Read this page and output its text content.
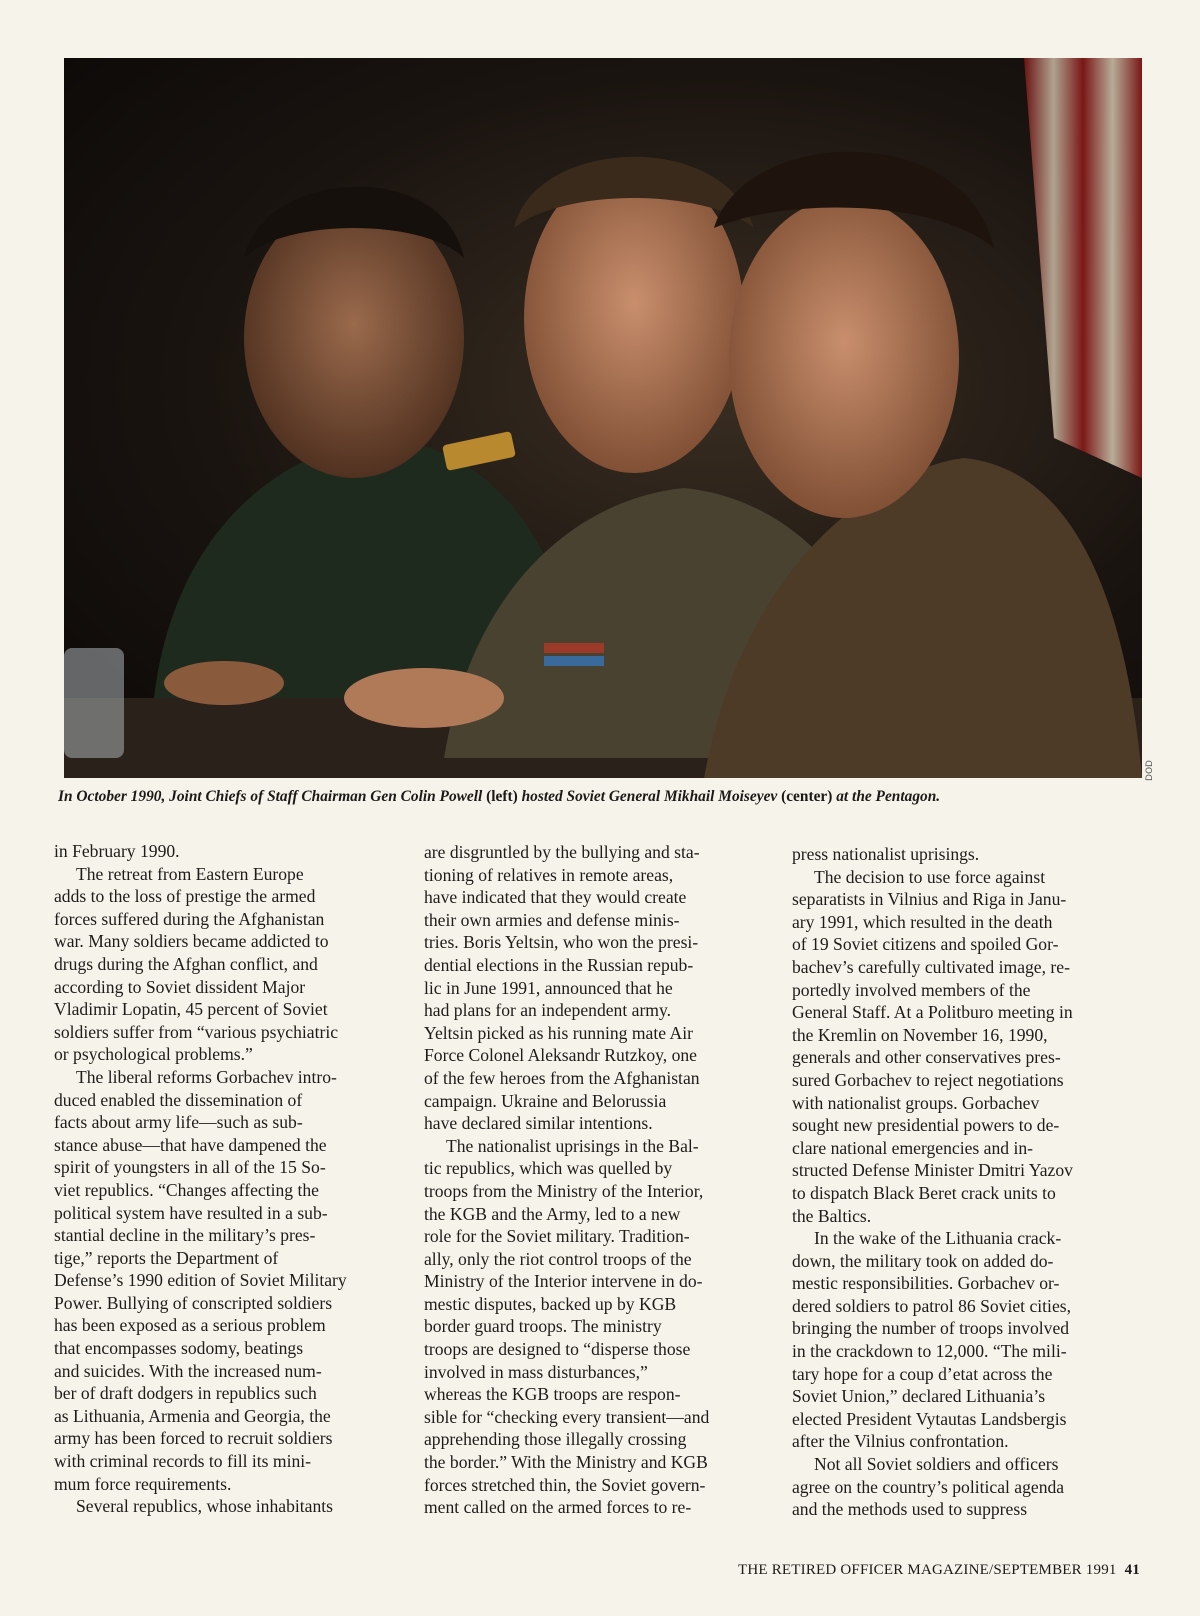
DOD
In October 1990, Joint Chiefs of Staff Chairman Gen Colin Powell (left) hosted Soviet General Mikhail Moiseyev (center) at the Pentagon.
in February 1990.
The retreat from Eastern Europe
adds to the loss of prestige the armed
forces suffered during the Afghanistan
war. Many soldiers became addicted to
drugs during the Afghan conflict, and
according to Soviet dissident Major
Vladimir Lopatin, 45 percent of Soviet
soldiers suffer from “various psychiatric
or psychological problems.”
The liberal reforms Gorbachev intro-
duced enabled the dissemination of
facts about army life—such as sub-
stance abuse—that have dampened the
spirit of youngsters in all of the 15 So-
viet republics. “Changes affecting the
political system have resulted in a sub-
stantial decline in the military’s pres-
tige,” reports the Department of
Defense’s 1990 edition of Soviet Military
Power. Bullying of conscripted soldiers
has been exposed as a serious problem
that encompasses sodomy, beatings
and suicides. With the increased num-
ber of draft dodgers in republics such
as Lithuania, Armenia and Georgia, the
army has been forced to recruit soldiers
with criminal records to fill its mini-
mum force requirements.
Several republics, whose inhabitants
are disgruntled by the bullying and sta-
tioning of relatives in remote areas,
have indicated that they would create
their own armies and defense minis-
tries. Boris Yeltsin, who won the presi-
dential elections in the Russian repub-
lic in June 1991, announced that he
had plans for an independent army.
Yeltsin picked as his running mate Air
Force Colonel Aleksandr Rutzkoy, one
of the few heroes from the Afghanistan
campaign. Ukraine and Belorussia
have declared similar intentions.
The nationalist uprisings in the Bal-
tic republics, which was quelled by
troops from the Ministry of the Interior,
the KGB and the Army, led to a new
role for the Soviet military. Tradition-
ally, only the riot control troops of the
Ministry of the Interior intervene in do-
mestic disputes, backed up by KGB
border guard troops. The ministry
troops are designed to “disperse those
involved in mass disturbances,”
whereas the KGB troops are respon-
sible for “checking every transient—and
apprehending those illegally crossing
the border.” With the Ministry and KGB
forces stretched thin, the Soviet govern-
ment called on the armed forces to re-
press nationalist uprisings.
The decision to use force against
separatists in Vilnius and Riga in Janu-
ary 1991, which resulted in the death
of 19 Soviet citizens and spoiled Gor-
bachev’s carefully cultivated image, re-
portedly involved members of the
General Staff. At a Politburo meeting in
the Kremlin on November 16, 1990,
generals and other conservatives pres-
sured Gorbachev to reject negotiations
with nationalist groups. Gorbachev
sought new presidential powers to de-
clare national emergencies and in-
structed Defense Minister Dmitri Yazov
to dispatch Black Beret crack units to
the Baltics.
In the wake of the Lithuania crack-
down, the military took on added do-
mestic responsibilities. Gorbachev or-
dered soldiers to patrol 86 Soviet cities,
bringing the number of troops involved
in the crackdown to 12,000. “The mili-
tary hope for a coup d’etat across the
Soviet Union,” declared Lithuania’s
elected President Vytautas Landsbergis
after the Vilnius confrontation.
Not all Soviet soldiers and officers
agree on the country’s political agenda
and the methods used to suppress
THE RETIRED OFFICER MAGAZINE/SEPTEMBER 1991 41
